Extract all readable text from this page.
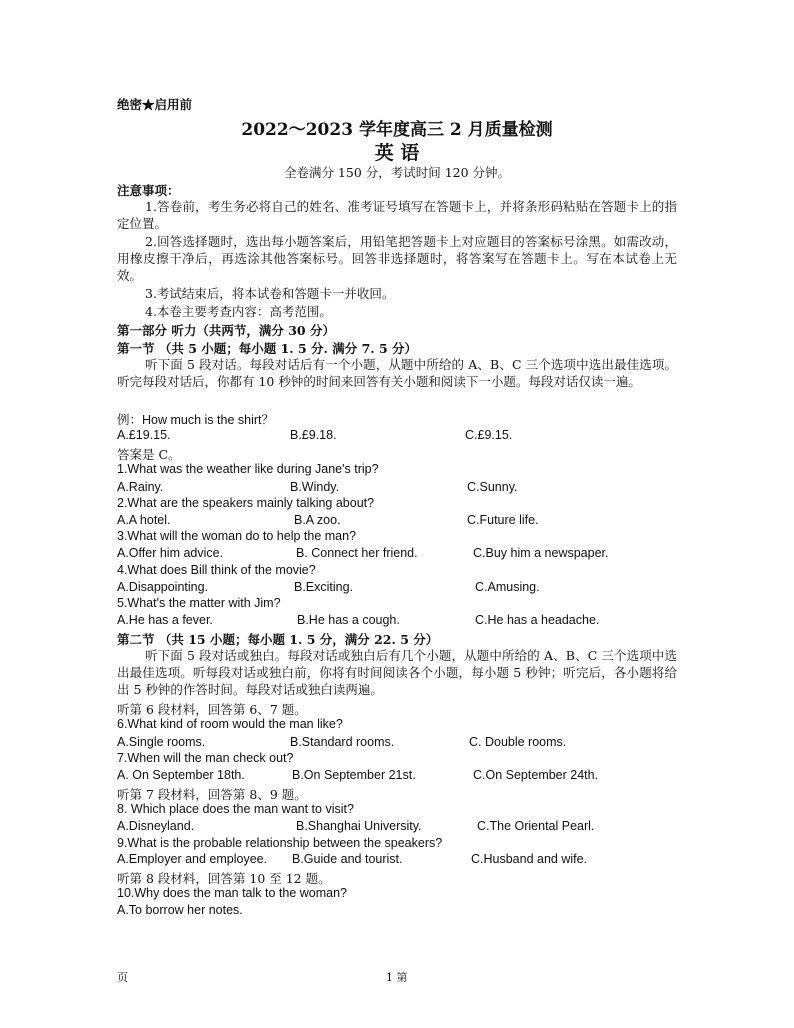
绝密★启用前
2022～2023 学年度高三 2 月质量检测
英 语
全卷满分 150 分，考试时间 120 分钟。
注意事项：
1.答卷前，考生务必将自己的姓名、准考证号填写在答题卡上，并将条形码粘贴在答题卡上的指定位置。
2.回答选择题时，选出每小题答案后，用铅笔把答题卡上对应题目的答案标号涂黑。如需改动，用橡皮擦干净后，再选涂其他答案标号。回答非选择题时，将答案写在答题卡上。写在本试卷上无效。
3.考试结束后，将本试卷和答题卡一并收回。
4.本卷主要考查内容：高考范围。
第一部分 听力（共两节，满分 30 分）
第一节 （共 5 小题；每小题 1. 5 分. 满分 7. 5 分）
听下面 5 段对话。每段对话后有一个小题，从题中所给的 A、B、C 三个选项中选出最佳选项。听完每段对话后，你都有 10 秒钟的时间来回答有关小题和阅读下一小题。每段对话仅读一遍。
例：How much is the shirt？
A.£19.15.	B.£9.18.	C.£9.15.
答案是 C。
1.What was the weather like during Jane's trip?
A.Rainy.	B.Windy.	C.Sunny.
2.What are the speakers mainly talking about?
A.A hotel.	B.A zoo.	C.Future life.
3.What will the woman do to help the man?
A.Offer him advice.	B. Connect her friend.	C.Buy him a newspaper.
4.What does Bill think of the movie?
A.Disappointing.	B.Exciting.	C.Amusing.
5.What's the matter with Jim?
A.He has a fever.	B.He has a cough.	C.He has a headache.
第二节 （共 15 小题；每小题 1. 5 分，满分 22. 5 分）
听下面 5 段对话或独白。每段对话或独白后有几个小题，从题中所给的 A、B、C 三个选项中选出最佳选项。听每段对话或独白前，你将有时间阅读各个小题，每小题 5 秒钟；听完后，各小题将给出 5 秒钟的作答时间。每段对话或独白读两遍。
听第 6 段材料，回答第 6、7 题。
6.What kind of room would the man like?
A.Single rooms.	B.Standard rooms.	C. Double rooms.
7.When will the man check out?
A. On September 18th.	B.On September 21st.	C.On September 24th.
听第 7 段材料，回答第 8、9 题。
8. Which place does the man want to visit?
A.Disneyland.	B.Shanghai University.	C.The Oriental Pearl.
9.What is the probable relationship between the speakers?
A.Employer and employee. B.Guide and tourist.	C.Husband and wife.
听第 8 段材料，回答第 10 至 12 题。
10.Why does the man talk to the woman?
A.To borrow her notes.
页	1 第
